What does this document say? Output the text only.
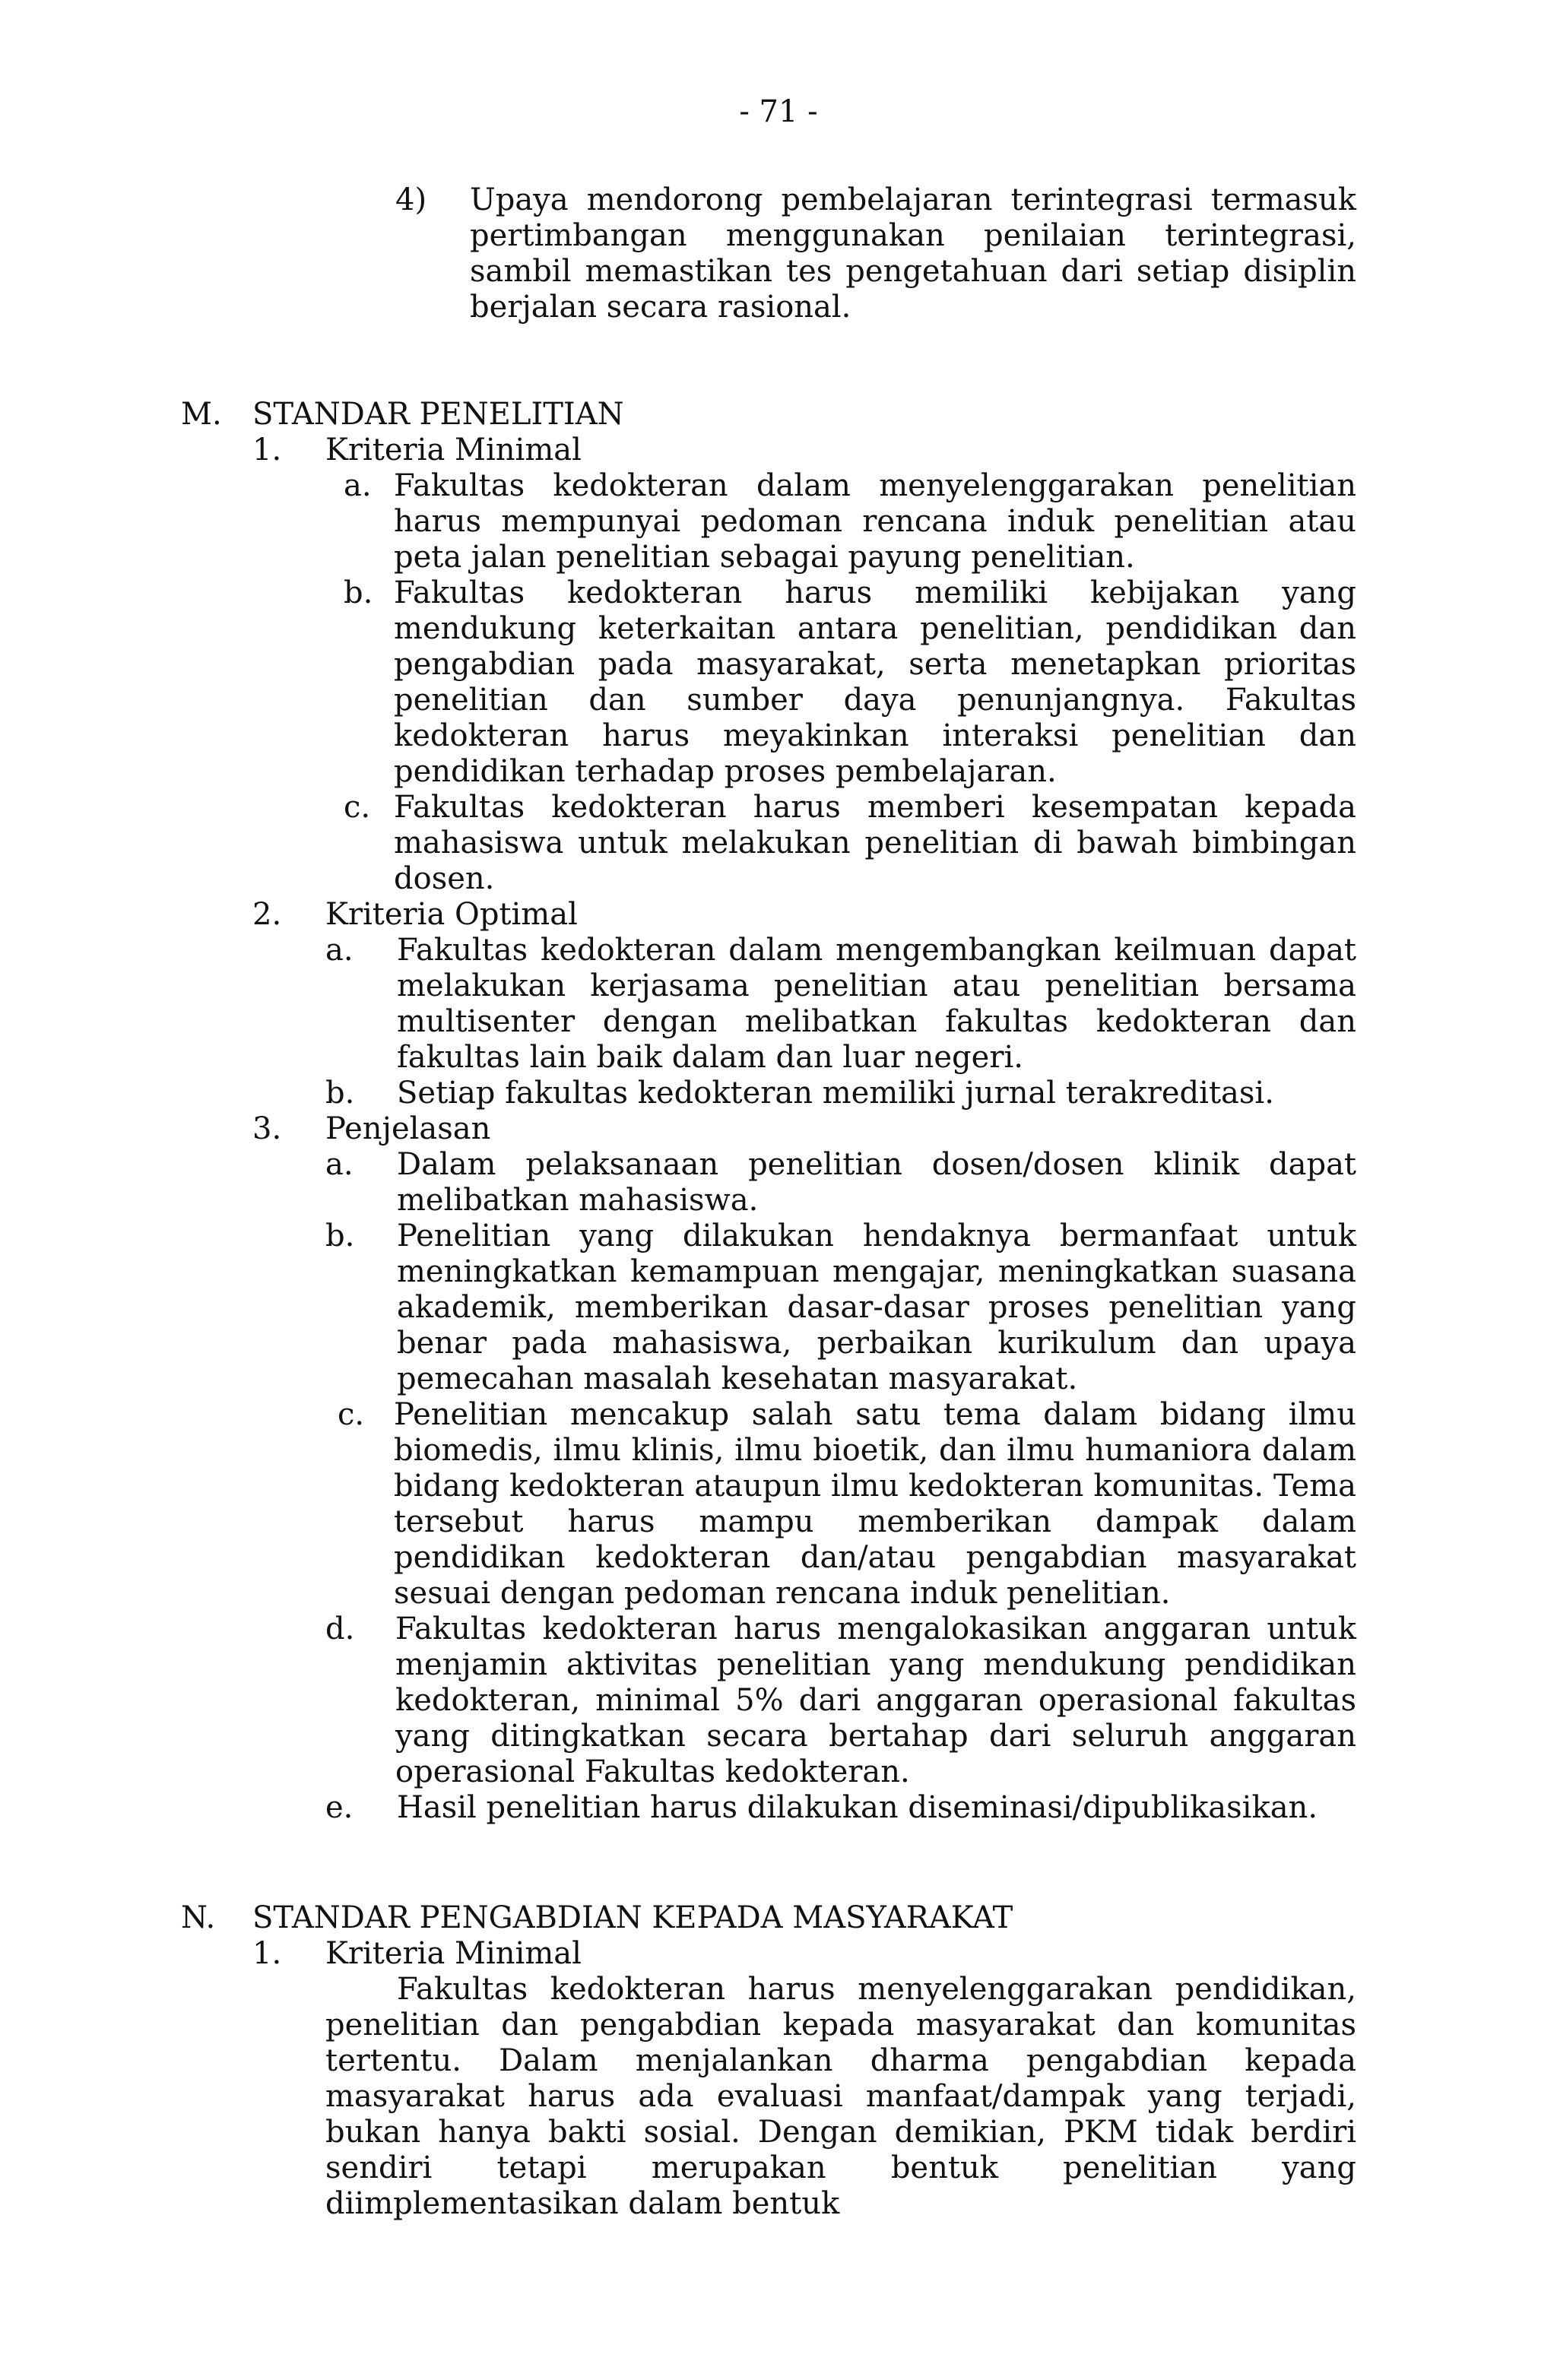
- 71 -
4) Upaya mendorong pembelajaran terintegrasi termasuk pertimbangan menggunakan penilaian terintegrasi, sambil memastikan tes pengetahuan dari setiap disiplin berjalan secara rasional.
M. STANDAR PENELITIAN
1. Kriteria Minimal
a. Fakultas kedokteran dalam menyelenggarakan penelitian harus mempunyai pedoman rencana induk penelitian atau peta jalan penelitian sebagai payung penelitian.
b. Fakultas kedokteran harus memiliki kebijakan yang mendukung keterkaitan antara penelitian, pendidikan dan pengabdian pada masyarakat, serta menetapkan prioritas penelitian dan sumber daya penunjangnya. Fakultas kedokteran harus meyakinkan interaksi penelitian dan pendidikan terhadap proses pembelajaran.
c. Fakultas kedokteran harus memberi kesempatan kepada mahasiswa untuk melakukan penelitian di bawah bimbingan dosen.
2. Kriteria Optimal
a. Fakultas kedokteran dalam mengembangkan keilmuan dapat melakukan kerjasama penelitian atau penelitian bersama multisenter dengan melibatkan fakultas kedokteran dan fakultas lain baik dalam dan luar negeri.
b. Setiap fakultas kedokteran memiliki jurnal terakreditasi.
3. Penjelasan
a. Dalam pelaksanaan penelitian dosen/dosen klinik dapat melibatkan mahasiswa.
b. Penelitian yang dilakukan hendaknya bermanfaat untuk meningkatkan kemampuan mengajar, meningkatkan suasana akademik, memberikan dasar-dasar proses penelitian yang benar pada mahasiswa, perbaikan kurikulum dan upaya pemecahan masalah kesehatan masyarakat.
c. Penelitian mencakup salah satu tema dalam bidang ilmu biomedis, ilmu klinis, ilmu bioetik, dan ilmu humaniora dalam bidang kedokteran ataupun ilmu kedokteran komunitas. Tema tersebut harus mampu memberikan dampak dalam pendidikan kedokteran dan/atau pengabdian masyarakat sesuai dengan pedoman rencana induk penelitian.
d. Fakultas kedokteran harus mengalokasikan anggaran untuk menjamin aktivitas penelitian yang mendukung pendidikan kedokteran, minimal 5% dari anggaran operasional fakultas yang ditingkatkan secara bertahap dari seluruh anggaran operasional Fakultas kedokteran.
e. Hasil penelitian harus dilakukan diseminasi/dipublikasikan.
N. STANDAR PENGABDIAN KEPADA MASYARAKAT
1. Kriteria Minimal
Fakultas kedokteran harus menyelenggarakan pendidikan, penelitian dan pengabdian kepada masyarakat dan komunitas tertentu. Dalam menjalankan dharma pengabdian kepada masyarakat harus ada evaluasi manfaat/dampak yang terjadi, bukan hanya bakti sosial. Dengan demikian, PKM tidak berdiri sendiri tetapi merupakan bentuk penelitian yang diimplementasikan dalam bentuk
